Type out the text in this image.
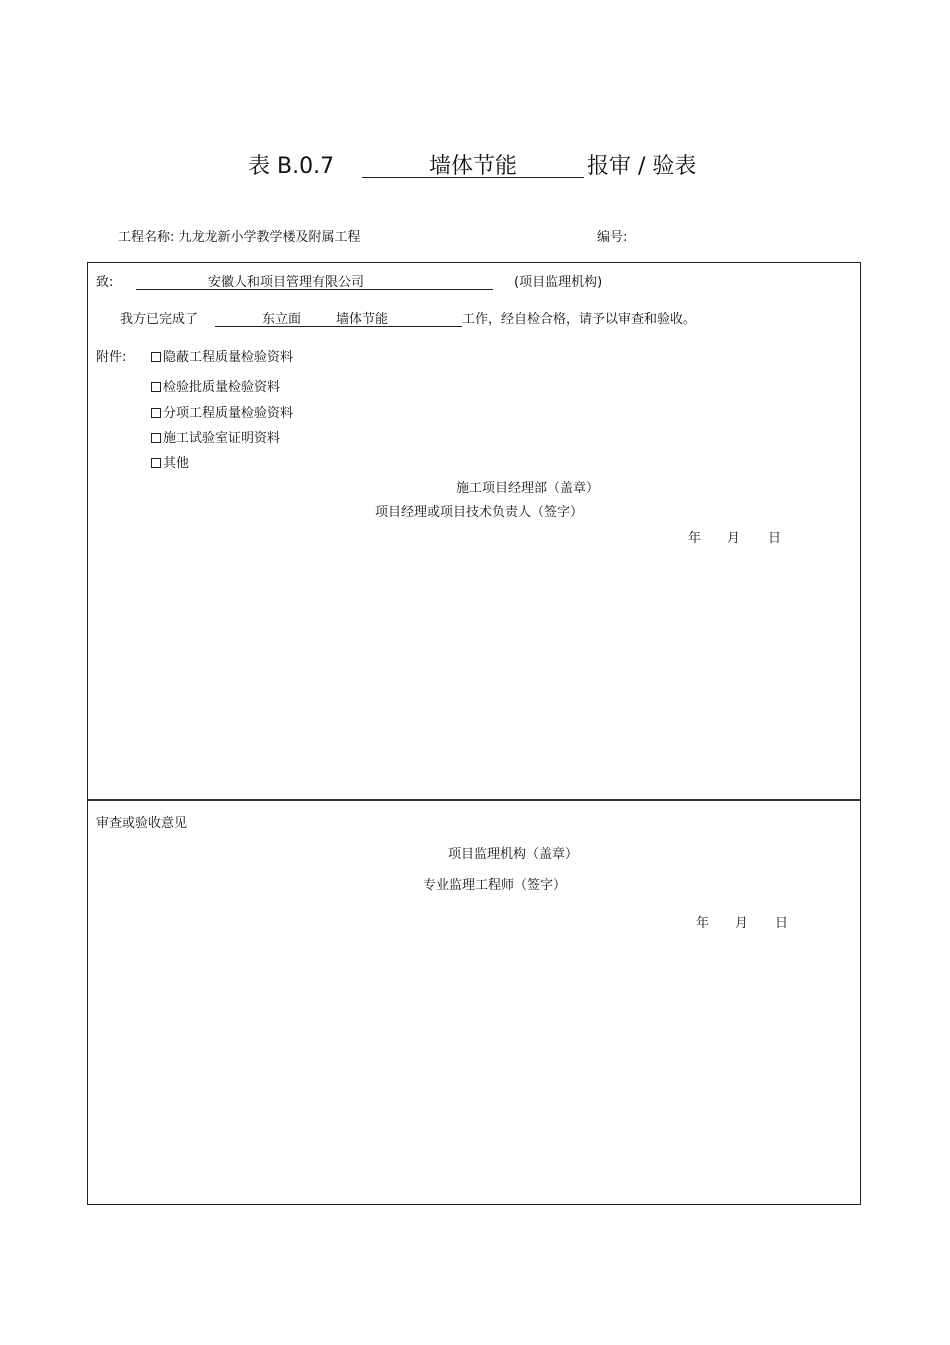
表 B.0.7	墙体节能	报审 / 验表
工程名称: 九龙龙新小学教学楼及附属工程	编号:
致:	安徽人和项目管理有限公司	(项目监理机构)
我方已完成了	东立面	墙体节能	工作，经自检合格，请予以审查和验收。
附件:	隐蔽工程质量检验资料
检验批质量检验资料
分项工程质量检验资料
施工试验室证明资料
其他
施工项目经理部（盖章）
项目经理或项目技术负责人（签字）
年 月 日
审查或验收意见
项目监理机构（盖章）
专业监理工程师（签字）
年 月 日
